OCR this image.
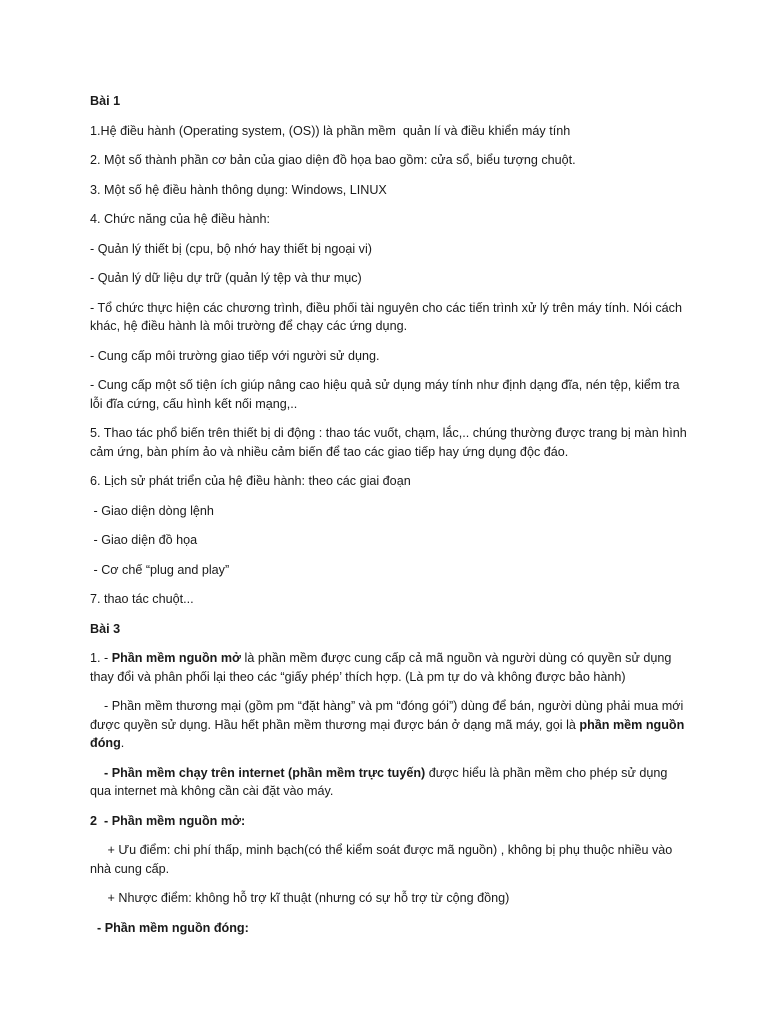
Bài 1

1.Hệ điều hành (Operating system, (OS)) là phần mềm  quản lí và điều khiển máy tính

2. Một số thành phần cơ bản của giao diện đồ họa bao gồm: cửa sổ, biểu tượng chuột.

3. Một số hệ điều hành thông dụng: Windows, LINUX

4. Chức năng của hệ điều hành:

- Quản lý thiết bị (cpu, bộ nhớ hay thiết bị ngoại vi)

- Quản lý dữ liệu dự trữ (quản lý tệp và thư mục)

- Tổ chức thực hiện các chương trình, điều phối tài nguyên cho các tiến trình xử lý trên máy tính. Nói cách khác, hệ điều hành là môi trường để chạy các ứng dụng.

- Cung cấp môi trường giao tiếp với người sử dụng.

- Cung cấp một số tiện ích giúp nâng cao hiệu quả sử dụng máy tính như định dạng đĩa, nén tệp, kiểm tra lỗi đĩa cứng, cấu hình kết nối mạng,..

5. Thao tác phổ biến trên thiết bị di động : thao tác vuốt, chạm, lắc,.. chúng thường được trang bị màn hình cảm ứng, bàn phím ảo và nhiều cảm biến để tao các giao tiếp hay ứng dụng độc đáo.

6. Lịch sử phát triển của hệ điều hành: theo các giai đoạn

- Giao diện dòng lệnh

- Giao diện đồ họa

- Cơ chế “plug and play”

7. thao tác chuột...

Bài 3

1. - Phần mềm nguồn mở là phần mềm được cung cấp cả mã nguồn và người dùng có quyền sử dụng thay đổi và phân phối lại theo các “giấy phép’ thích hợp. (Là pm tự do và không được bảo hành)

- Phần mềm thương mại (gồm pm “đặt hàng” và pm “đóng gói”) dùng để bán, người dùng phải mua mới được quyền sử dụng. Hầu hết phần mềm thương mại được bán ở dạng mã máy, gọi là phần mềm nguồn đóng.

- Phần mềm chạy trên internet (phần mềm trực tuyến) được hiểu là phần mềm cho phép sử dụng qua internet mà không cần cài đặt vào máy.

2  - Phần mềm nguồn mở:

+ Ưu điểm: chi phí thấp, minh bạch(có thể kiểm soát được mã nguồn) , không bị phụ thuộc nhiều vào nhà cung cấp.

+ Nhược điểm: không hỗ trợ kĩ thuật (nhưng có sự hỗ trợ từ cộng đồng)

- Phần mềm nguồn đóng:
